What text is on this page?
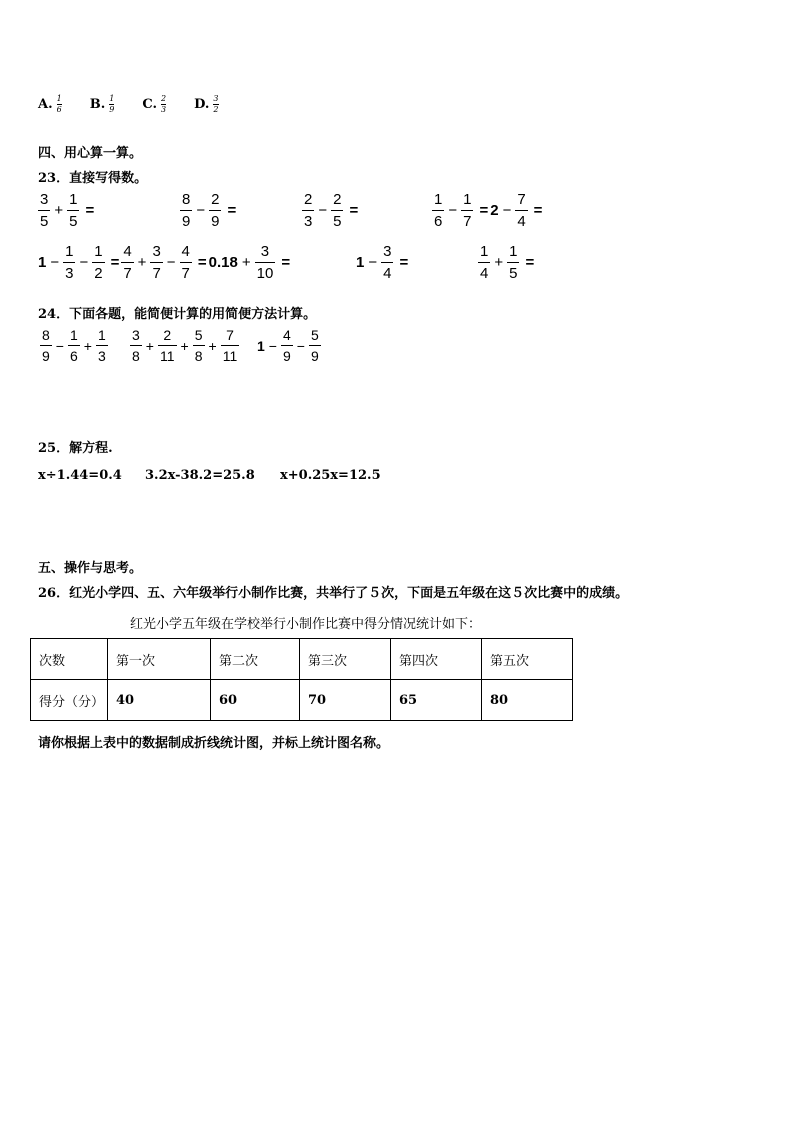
A. $\frac{1}{6} B$. $\frac{1}{9} C$. $\frac{2}{3} D$. $\frac{3}{2}$
四、用心算一算。
23．直接写得数。
$\frac{3}{5} + \frac{1}{5}$ =	$\frac{8}{9} - \frac{2}{9}$ =	$\frac{2}{3} - \frac{2}{5}$ =	$\frac{1}{6} - \frac{1}{7} = 2 - \frac{7}{4}$ =
$1 - \frac{1}{3} - \frac{1}{2} = \frac{4}{7} + \frac{3}{7} - \frac{4}{7} = 0.18 + \frac{3}{10}$ =	$1 - \frac{3}{4}$ =	$\frac{1}{4} + \frac{1}{5}$ =
24．下面各题，能简便计算的用简便方法计算。
$\frac{8}{9} - \frac{1}{6} + \frac{1}{3} \frac{3}{8} + \frac{2}{11} + \frac{5}{8} + \frac{7}{11} 1 - \frac{4}{9} - \frac{5}{9}$
25．解方程.
x÷1.44=0.4 3.2x-38.2=25.8 x+0.25x=12.5
五、操作与思考。
26．红光小学四、五、六年级举行小制作比赛，共举行了５次，下面是五年级在这５次比赛中的成绩。
红光小学五年级在学校举行小制作比赛中得分情况统计如下：
次数	第一次	第二次	第三次	第四次	第五次
得分（分）	40	60	70	65	80
请你根据上表中的数据制成折线统计图，并标上统计图名称。
